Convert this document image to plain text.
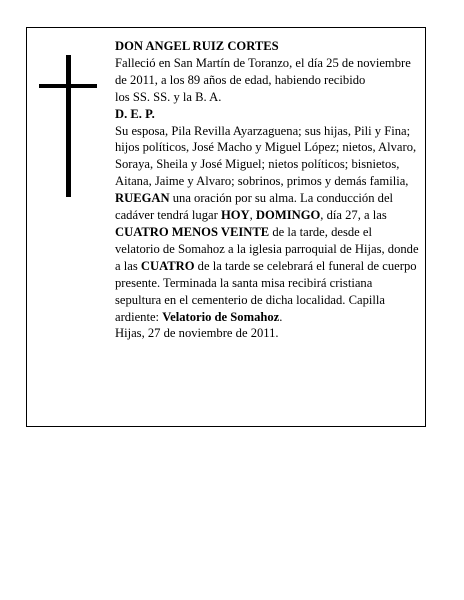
DON ANGEL RUIZ CORTES

Falleció en San Martín de Toranzo, el día 25 de noviembre

de 2011, a los 89 años de edad, habiendo recibido

los SS. SS. y la B. A.

D. E. P.

Su esposa, Pila Revilla Ayarzaguena; sus hijas, Pili y Fina; hijos políticos, José Macho y Miguel López; nietos, Alvaro, Soraya, Sheila y José Miguel; nietos políticos; bisnietos, Aitana, Jaime y Alvaro; sobrinos, primos y demás familia,

RUEGAN una oración por su alma. La conducción del cadáver tendrá lugar HOY, DOMINGO, día 27, a las CUATRO MENOS VEINTE de la tarde, desde el velatorio de Somahoz a la iglesia parroquial de Hijas, donde a las CUATRO de la tarde se celebrará el funeral de cuerpo presente. Terminada la santa misa recibirá cristiana sepultura en el cementerio de dicha localidad. Capilla ardiente: Velatorio de Somahoz.

Hijas, 27 de noviembre de 2011.
